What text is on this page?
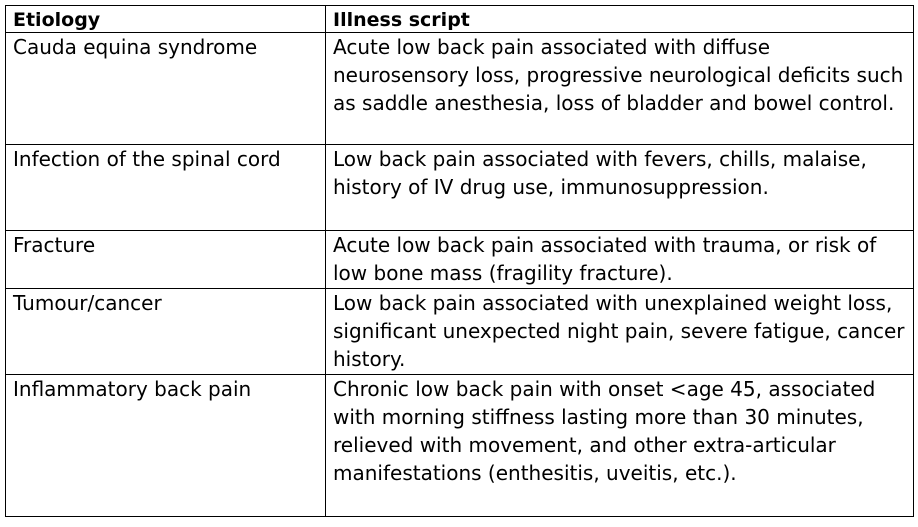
Etiology	Illness script
Cauda equina syndrome	Acute low back pain associated with diffuse neurosensory loss, progressive neurological deficits such as saddle anesthesia, loss of bladder and bowel control.
Infection of the spinal cord	Low back pain associated with fevers, chills, malaise, history of IV drug use, immunosuppression.
Fracture	Acute low back pain associated with trauma, or risk of low bone mass (fragility fracture).
Tumour/cancer	Low back pain associated with unexplained weight loss, significant unexpected night pain, severe fatigue, cancer history.
Inflammatory back pain	Chronic low back pain with onset <age 45, associated with morning stiffness lasting more than 30 minutes, relieved with movement, and other extra-articular manifestations (enthesitis, uveitis, etc.).
